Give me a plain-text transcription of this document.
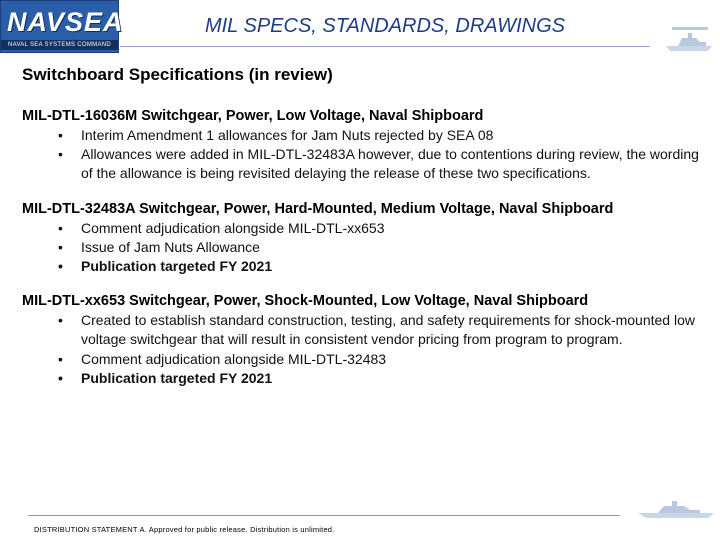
NAVSEA
NAVAL SEA SYSTEMS COMMAND
MIL SPECS, STANDARDS, DRAWINGS
Switchboard Specifications (in review)
MIL-DTL-16036M Switchgear, Power, Low Voltage, Naval Shipboard
• Interim Amendment 1 allowances for Jam Nuts rejected by SEA 08
• Allowances were added in MIL-DTL-32483A however, due to contentions during review, the wording of the allowance is being revisited delaying the release of these two specifications.
MIL-DTL-32483A Switchgear, Power, Hard-Mounted, Medium Voltage, Naval Shipboard
• Comment adjudication alongside MIL-DTL-xx653
• Issue of Jam Nuts Allowance
• Publication targeted FY 2021
MIL-DTL-xx653 Switchgear, Power, Shock-Mounted, Low Voltage, Naval Shipboard
• Created to establish standard construction, testing, and safety requirements for shock-mounted low voltage switchgear that will result in consistent vendor pricing from program to program.
• Comment adjudication alongside MIL-DTL-32483
• Publication targeted FY 2021
DISTRIBUTION STATEMENT A. Approved for public release. Distribution is unlimited.
